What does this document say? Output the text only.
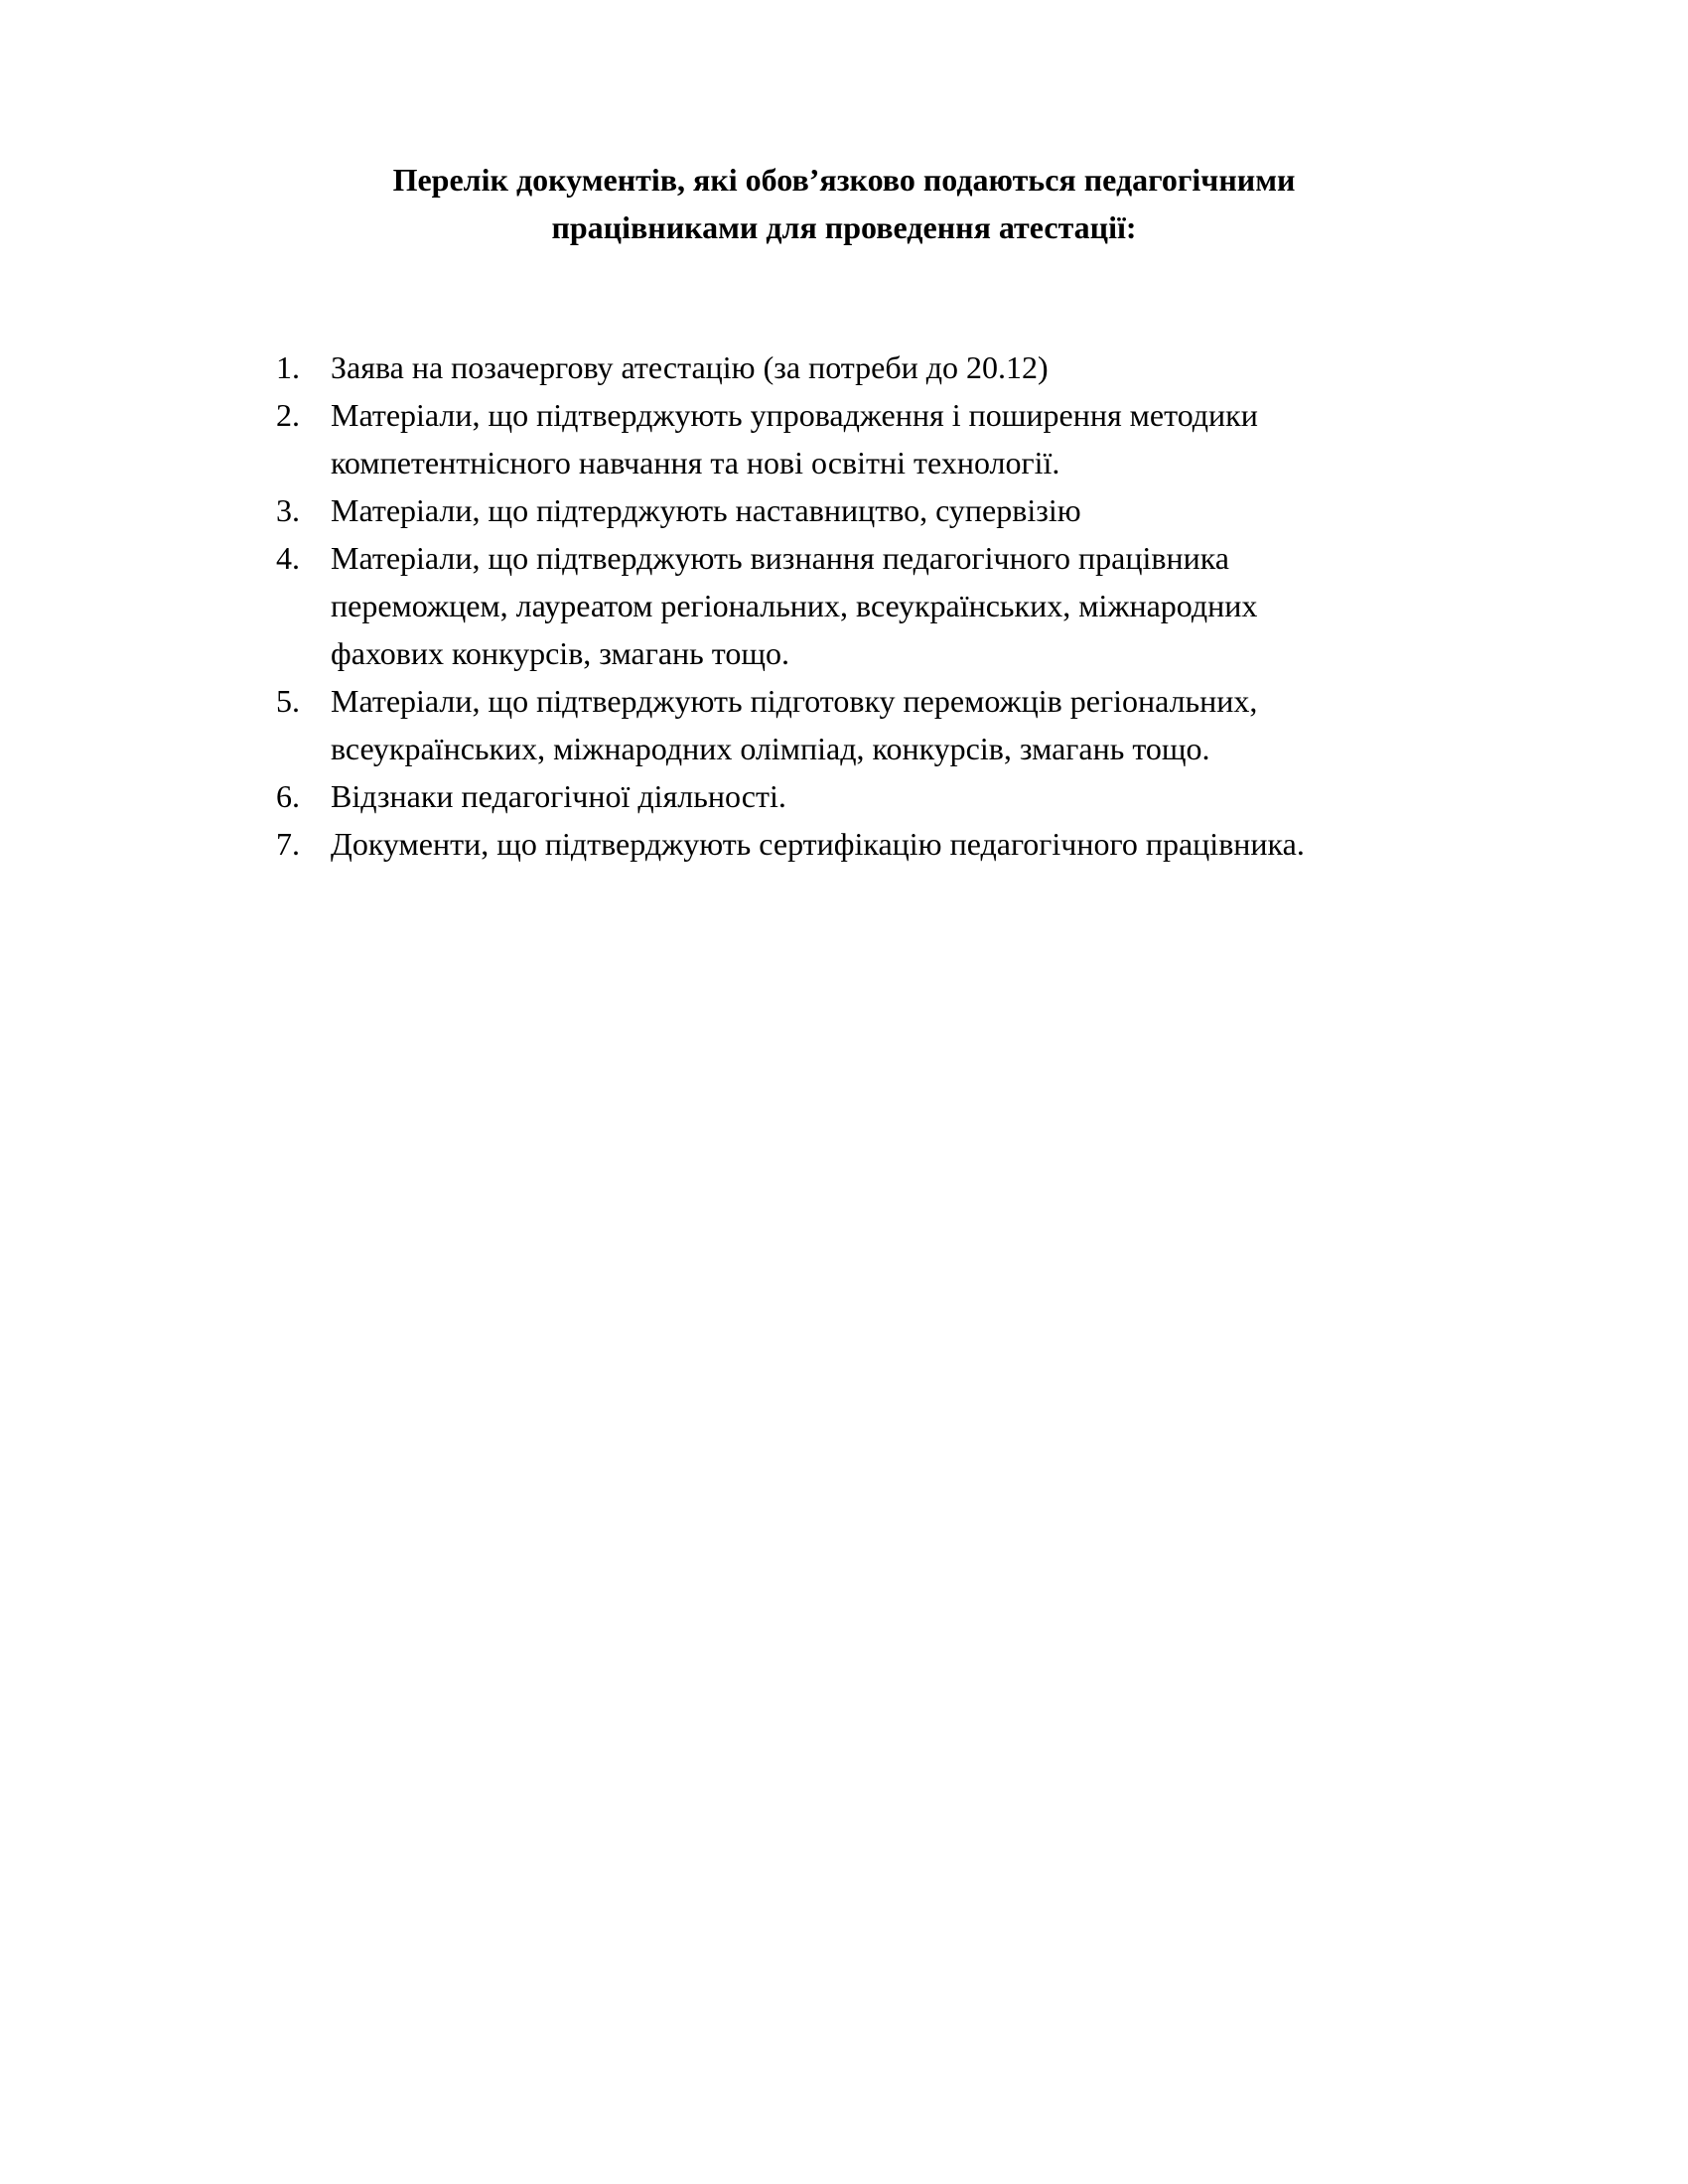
Перелік документів, які обов’язково подаються педагогічними
працівниками для проведення атестації:
1. Заява на позачергову атестацію (за потреби до 20.12)
2. Матеріали, що підтверджують упровадження і поширення методики
компетентнісного навчання та нові освітні технології.
3. Матеріали, що підтерджують наставництво, супервізію
4. Матеріали, що підтверджують визнання педагогічного працівника
переможцем, лауреатом регіональних, всеукраїнських, міжнародних
фахових конкурсів, змагань тощо.
5. Матеріали, що підтверджують підготовку переможців регіональних,
всеукраїнських, міжнародних олімпіад, конкурсів, змагань тощо.
6. Відзнаки педагогічної діяльності.
7. Документи, що підтверджують сертифікацію педагогічного працівника.
